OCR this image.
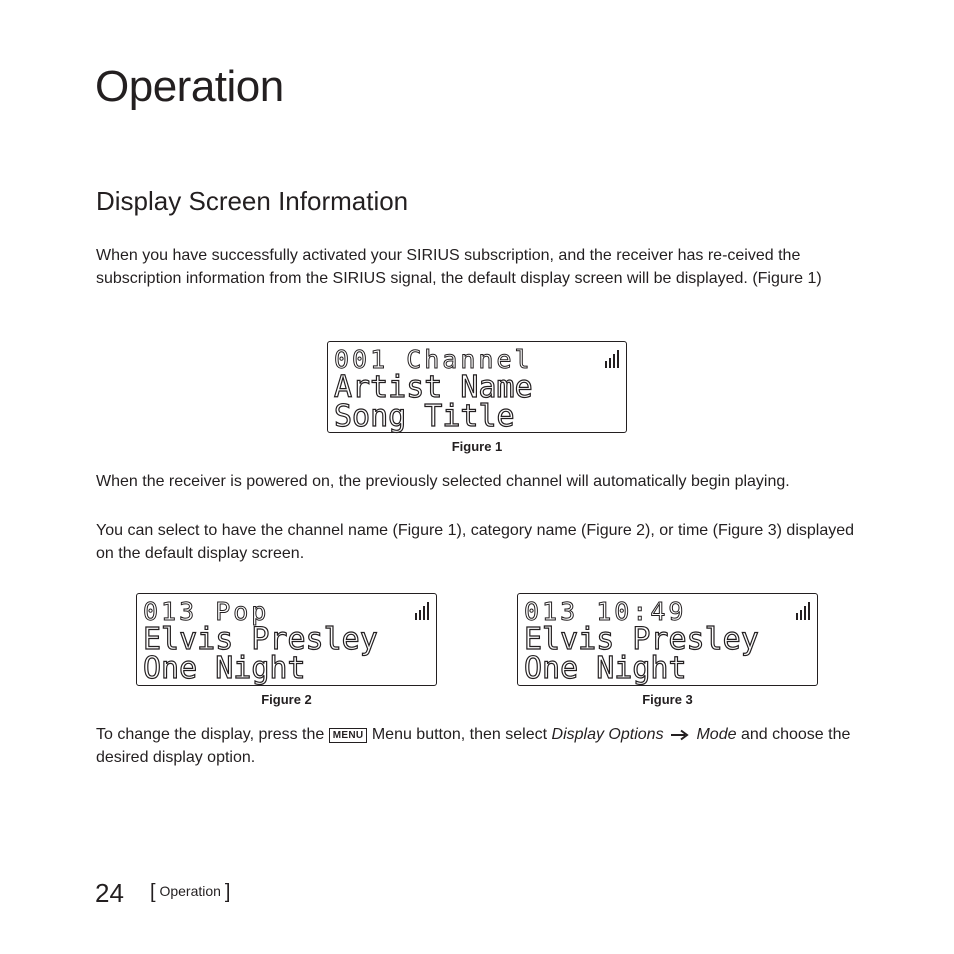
Operation
Display Screen Information
When you have successfully activated your SIRIUS subscription, and the receiver has re-ceived the subscription information from the SIRIUS signal, the default display screen will be displayed. (Figure 1)
001 Channel
Artist Name
Song Title
Figure 1
When the receiver is powered on, the previously selected channel will automatically begin playing.
You can select to have the channel name (Figure 1), category name (Figure 2), or time (Figure 3) displayed on the default display screen.
013 Pop
Elvis Presley
One Night
Figure 2
013 10:49
Elvis Presley
One Night
Figure 3
To change the display, press the MENU Menu button, then select Display Options Mode and choose the desired display option.
24 [ Operation ]
